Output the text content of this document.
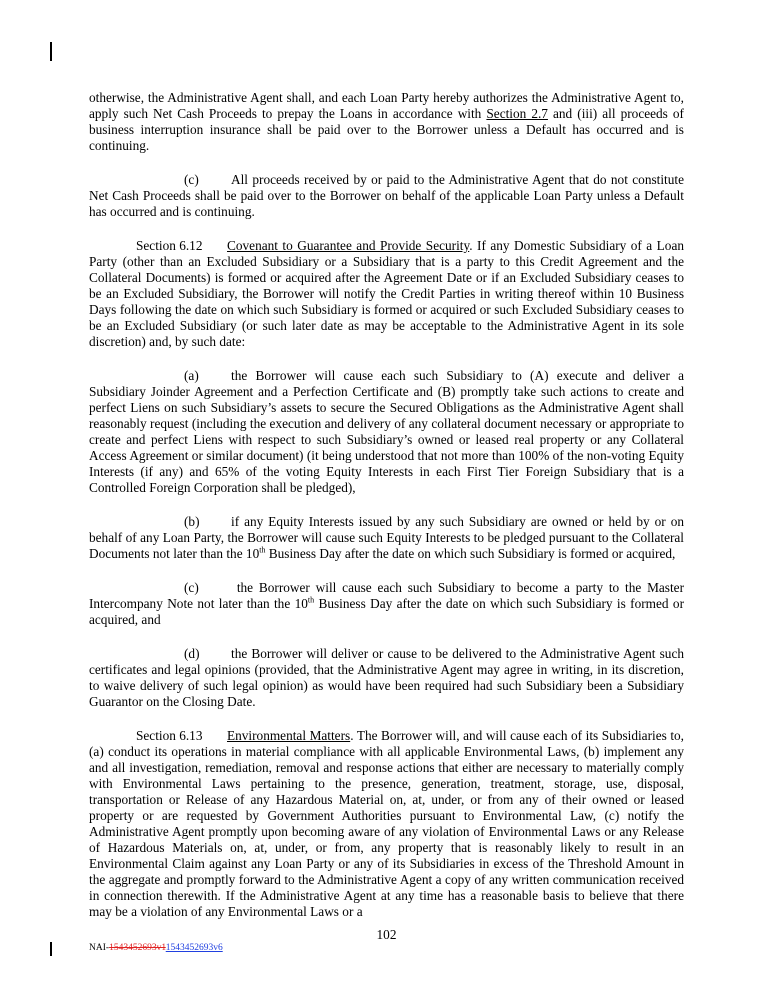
otherwise, the Administrative Agent shall, and each Loan Party hereby authorizes the Administrative Agent to, apply such Net Cash Proceeds to prepay the Loans in accordance with Section 2.7 and (iii) all proceeds of business interruption insurance shall be paid over to the Borrower unless a Default has occurred and is continuing.

(c) All proceeds received by or paid to the Administrative Agent that do not constitute Net Cash Proceeds shall be paid over to the Borrower on behalf of the applicable Loan Party unless a Default has occurred and is continuing.

Section 6.12 Covenant to Guarantee and Provide Security. If any Domestic Subsidiary of a Loan Party (other than an Excluded Subsidiary or a Subsidiary that is a party to this Credit Agreement and the Collateral Documents) is formed or acquired after the Agreement Date or if an Excluded Subsidiary ceases to be an Excluded Subsidiary, the Borrower will notify the Credit Parties in writing thereof within 10 Business Days following the date on which such Subsidiary is formed or acquired or such Excluded Subsidiary ceases to be an Excluded Subsidiary (or such later date as may be acceptable to the Administrative Agent in its sole discretion) and, by such date:

(a) the Borrower will cause each such Subsidiary to (A) execute and deliver a Subsidiary Joinder Agreement and a Perfection Certificate and (B) promptly take such actions to create and perfect Liens on such Subsidiary’s assets to secure the Secured Obligations as the Administrative Agent shall reasonably request (including the execution and delivery of any collateral document necessary or appropriate to create and perfect Liens with respect to such Subsidiary’s owned or leased real property or any Collateral Access Agreement or similar document) (it being understood that not more than 100% of the non-voting Equity Interests (if any) and 65% of the voting Equity Interests in each First Tier Foreign Subsidiary that is a Controlled Foreign Corporation shall be pledged),

(b) if any Equity Interests issued by any such Subsidiary are owned or held by or on behalf of any Loan Party, the Borrower will cause such Equity Interests to be pledged pursuant to the Collateral Documents not later than the 10th Business Day after the date on which such Subsidiary is formed or acquired,

(c) the Borrower will cause each such Subsidiary to become a party to the Master Intercompany Note not later than the 10th Business Day after the date on which such Subsidiary is formed or acquired, and

(d) the Borrower will deliver or cause to be delivered to the Administrative Agent such certificates and legal opinions (provided, that the Administrative Agent may agree in writing, in its discretion, to waive delivery of such legal opinion) as would have been required had such Subsidiary been a Subsidiary Guarantor on the Closing Date.

Section 6.13 Environmental Matters. The Borrower will, and will cause each of its Subsidiaries to, (a) conduct its operations in material compliance with all applicable Environmental Laws, (b) implement any and all investigation, remediation, removal and response actions that either are necessary to materially comply with Environmental Laws pertaining to the presence, generation, treatment, storage, use, disposal, transportation or Release of any Hazardous Material on, at, under, or from any of their owned or leased property or are requested by Government Authorities pursuant to Environmental Law, (c) notify the Administrative Agent promptly upon becoming aware of any violation of Environmental Laws or any Release of Hazardous Materials on, at, under, or from, any property that is reasonably likely to result in an Environmental Claim against any Loan Party or any of its Subsidiaries in excess of the Threshold Amount in the aggregate and promptly forward to the Administrative Agent a copy of any written communication received in connection therewith. If the Administrative Agent at any time has a reasonable basis to believe that there may be a violation of any Environmental Laws or a

102
NAI-1543452693v11543452693v6
